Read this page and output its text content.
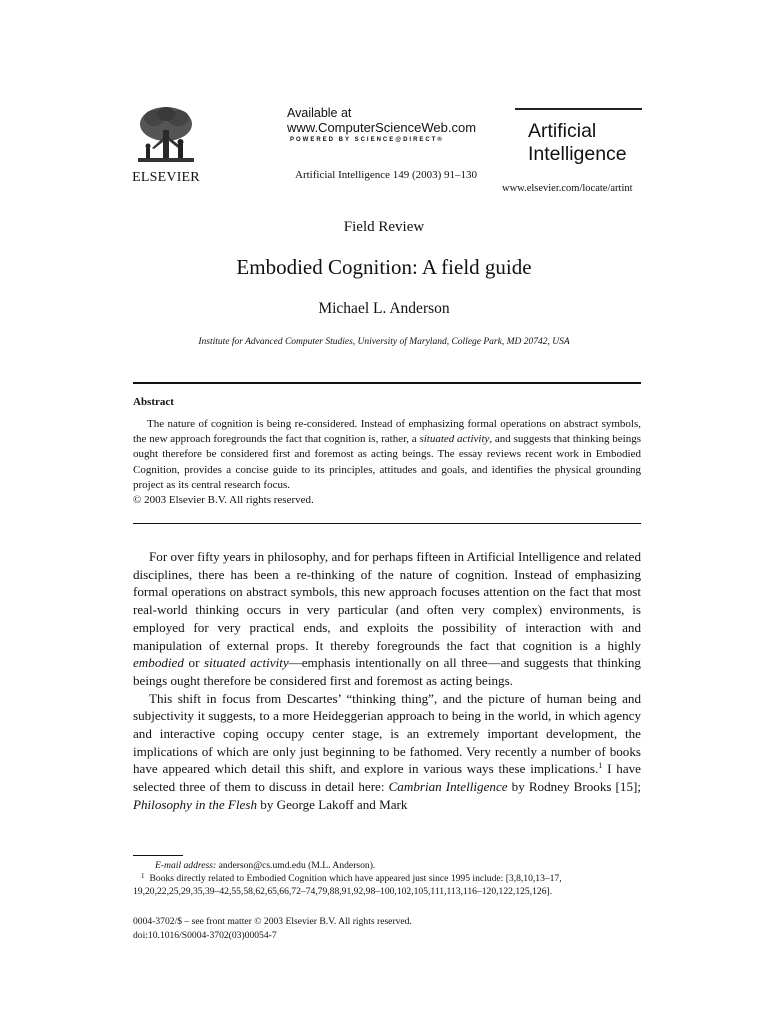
ELSEVIER
Available at
www.ComputerScienceWeb.com
POWERED BY SCIENCE@DIRECT®
Artificial Intelligence 149 (2003) 91–130
Artificial
Intelligence
www.elsevier.com/locate/artint
Field Review
Embodied Cognition: A field guide
Michael L. Anderson
Institute for Advanced Computer Studies, University of Maryland, College Park, MD 20742, USA
Abstract

The nature of cognition is being re-considered. Instead of emphasizing formal operations on abstract symbols, the new approach foregrounds the fact that cognition is, rather, a situated activity, and suggests that thinking beings ought therefore be considered first and foremost as acting beings. The essay reviews recent work in Embodied Cognition, provides a concise guide to its principles, attitudes and goals, and identifies the physical grounding project as its central research focus.

© 2003 Elsevier B.V. All rights reserved.

For over fifty years in philosophy, and for perhaps fifteen in Artificial Intelligence and related disciplines, there has been a re-thinking of the nature of cognition. Instead of emphasizing formal operations on abstract symbols, this new approach focuses attention on the fact that most real-world thinking occurs in very particular (and often very complex) environments, is employed for very practical ends, and exploits the possibility of interaction with and manipulation of external props. It thereby foregrounds the fact that cognition is a highly embodied or situated activity—emphasis intentionally on all three—and suggests that thinking beings ought therefore be considered first and foremost as acting beings.

This shift in focus from Descartes’ “thinking thing”, and the picture of human being and subjectivity it suggests, to a more Heideggerian approach to being in the world, in which agency and interactive coping occupy center stage, is an extremely important development, the implications of which are only just beginning to be fathomed. Very recently a number of books have appeared which detail this shift, and explore in various ways these implications.$^1$ I have selected three of them to discuss in detail here: Cambrian Intelligence by Rodney Brooks [15]; Philosophy in the Flesh by George Lakoff and Mark

E-mail address: anderson@cs.umd.edu (M.L. Anderson).

$^1$ Books directly related to Embodied Cognition which have appeared just since 1995 include: [3,8,10,13–17, 19,20,22,25,29,35,39–42,55,58,62,65,66,72–74,79,88,91,92,98–100,102,105,111,113,116–120,122,125,126].

0004-3702/$ – see front matter © 2003 Elsevier B.V. All rights reserved.
doi:10.1016/S0004-3702(03)00054-7
